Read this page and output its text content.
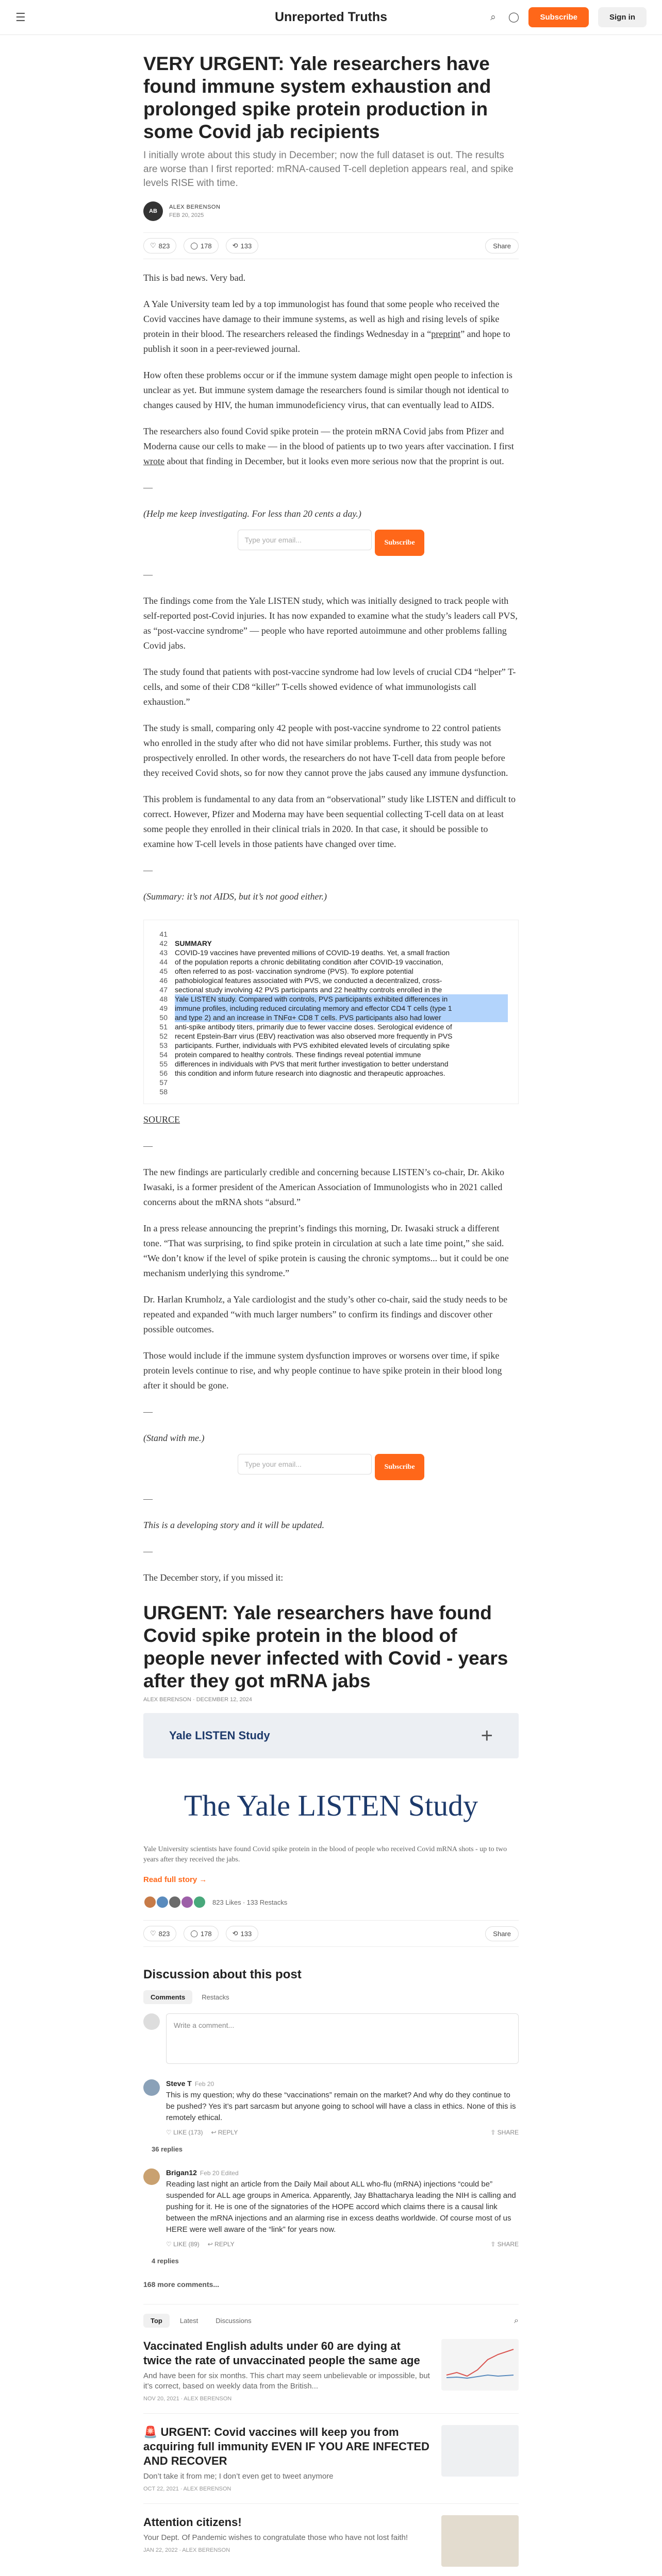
☰	Unreported Truths	⌕ ◯	Subscribe	Sign in
VERY URGENT: Yale researchers have found immune system exhaustion and prolonged spike protein production in some Covid jab recipients
I initially wrote about this study in December; now the full dataset is out. The results are worse than I first reported: mRNA-caused T-cell depletion appears real, and spike levels RISE with time.
AB
ALEX BERENSON
FEB 20, 2025
♡ 823	◯ 178	⟲ 133	Share

This is bad news. Very bad.

A Yale University team led by a top immunologist has found that some people who received the Covid vaccines have damage to their immune systems, as well as high and rising levels of spike protein in their blood. The researchers released the findings Wednesday in a “preprint” and hope to publish it soon in a peer-reviewed journal.

How often these problems occur or if the immune system damage might open people to infection is unclear as yet. But immune system damage the researchers found is similar though not identical to changes caused by HIV, the human immunodeficiency virus, that can eventually lead to AIDS.

The researchers also found Covid spike protein — the protein mRNA Covid jabs from Pfizer and Moderna cause our cells to make — in the blood of patients up to two years after vaccination. I first wrote about that finding in December, but it looks even more serious now that the proprint is out.

—

(Help me keep investigating. For less than 20 cents a day.)

Type your email...	Subscribe
—

The findings come from the Yale LISTEN study, which was initially designed to track people with self-reported post-Covid injuries. It has now expanded to examine what the study’s leaders call PVS, as “post-vaccine syndrome” — people who have reported autoimmune and other problems falling Covid jabs.

The study found that patients with post-vaccine syndrome had low levels of crucial CD4 “helper” T-cells, and some of their CD8 “killer” T-cells showed evidence of what immunologists call exhaustion.”

The study is small, comparing only 42 people with post-vaccine syndrome to 22 control patients who enrolled in the study after who did not have similar problems. Further, this study was not prospectively enrolled. In other words, the researchers do not have T-cell data from people before they received Covid shots, so for now they cannot prove the jabs caused any immune dysfunction.

This problem is fundamental to any data from an “observational” study like LISTEN and difficult to correct. However, Pfizer and Moderna may have been sequential collecting T-cell data on at least some people they enrolled in their clinical trials in 2020. In that case, it should be possible to examine how T-cell levels in those patients have changed over time.

—

(Summary: it’s not AIDS, but it’s not good either.)

41
42	SUMMARY
43	COVID-19 vaccines have prevented millions of COVID-19 deaths. Yet, a small fraction
44	of the population reports a chronic debilitating condition after COVID-19 vaccination,
45	often referred to as post- vaccination syndrome (PVS). To explore potential
46	pathobiological features associated with PVS, we conducted a decentralized, cross-
47	sectional study involving 42 PVS participants and 22 healthy controls enrolled in the
48	Yale LISTEN study. Compared with controls, PVS participants exhibited differences in
49	immune profiles, including reduced circulating memory and effector CD4 T cells (type 1
50	and type 2) and an increase in TNFα+ CD8 T cells. PVS participants also had lower
51	anti-spike antibody titers, primarily due to fewer vaccine doses. Serological evidence of
52	recent Epstein-Barr virus (EBV) reactivation was also observed more frequently in PVS
53	participants. Further, individuals with PVS exhibited elevated levels of circulating spike
54	protein compared to healthy controls. These findings reveal potential immune
55	differences in individuals with PVS that merit further investigation to better understand
56	this condition and inform future research into diagnostic and therapeutic approaches.
57
58
SOURCE
—

The new findings are particularly credible and concerning because LISTEN’s co-chair, Dr. Akiko Iwasaki, is a former president of the American Association of Immunologists who in 2021 called concerns about the mRNA shots “absurd.”

In a press release announcing the preprint’s findings this morning, Dr. Iwasaki struck a different tone. “That was surprising, to find spike protein in circulation at such a late time point,” she said. “We don’t know if the level of spike protein is causing the chronic symptoms... but it could be one mechanism underlying this syndrome.”

Dr. Harlan Krumholz, a Yale cardiologist and the study’s other co-chair, said the study needs to be repeated and expanded “with much larger numbers” to confirm its findings and discover other possible outcomes.

Those would include if the immune system dysfunction improves or worsens over time, if spike protein levels continue to rise, and why people continue to have spike protein in their blood long after it should be gone.

—

(Stand with me.)

Type your email...	Subscribe
—

This is a developing story and it will be updated.

—

The December story, if you missed it:

URGENT: Yale researchers have found Covid spike protein in the blood of people never infected with Covid - years after they got mRNA jabs
ALEX BERENSON · DECEMBER 12, 2024
Yale LISTEN Study	+
The Yale LISTEN Study
Yale University scientists have found Covid spike protein in the blood of people who received Covid mRNA shots - up to two years after they received the jabs.
Read full story →
823 Likes ∙ 133 Restacks
♡ 823	◯ 178	⟲ 133	Share
Discussion about this post
Comments	Restacks
Write a comment...
Steve T Feb 20
This is my question; why do these “vaccinations” remain on the market? And why do they continue to be pushed? Yes it’s part sarcasm but anyone going to school will have a class in ethics. None of this is remotely ethical.
♡ LIKE (173) ↩ REPLY	⇧ SHARE
36 replies
Brigan12 Feb 20 Edited
Reading last night an article from the Daily Mail about ALL who-flu (mRNA) injections “could be” suspended for ALL age groups in America. Apparently, Jay Bhattacharya leading the NIH is calling and pushing for it. He is one of the signatories of the HOPE accord which claims there is a causal link between the mRNA injections and an alarming rise in excess deaths worldwide. Of course most of us HERE were well aware of the “link” for years now.
♡ LIKE (89) ↩ REPLY	⇧ SHARE
4 replies
168 more comments...
Top	Latest	Discussions	⌕
Vaccinated English adults under 60 are dying at twice the rate of unvaccinated people the same age
And have been for six months. This chart may seem unbelievable or impossible, but it’s correct, based on weekly data from the British...
NOV 20, 2021 ∙ ALEX BERENSON
🚨 URGENT: Covid vaccines will keep you from acquiring full immunity EVEN IF YOU ARE INFECTED AND RECOVER
Don’t take it from me; I don’t even get to tweet anymore
OCT 22, 2021 ∙ ALEX BERENSON
Attention citizens!
Your Dept. Of Pandemic wishes to congratulate those who have not lost faith!
JAN 22, 2022 ∙ ALEX BERENSON
